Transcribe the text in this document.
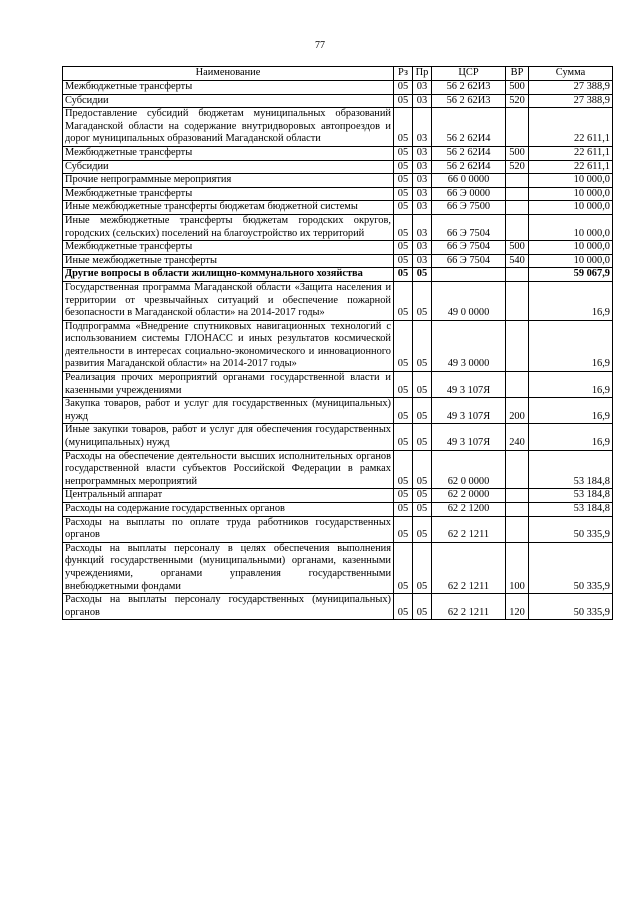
77
Наименование	Рз	Пр	ЦСР	ВР	Сумма
Межбюджетные трансферты	05	03	56 2 62И3	500	27 388,9
Субсидии	05	03	56 2 62И3	520	27 388,9
Предоставление субсидий бюджетам муниципальных образований Магаданской области на содержание внутридворовых автопроездов и дорог муниципальных образований Магаданской области	05	03	56 2 62И4		22 611,1
Межбюджетные трансферты	05	03	56 2 62И4	500	22 611,1
Субсидии	05	03	56 2 62И4	520	22 611,1
Прочие непрограммные мероприятия	05	03	66 0 0000		10 000,0
Межбюджетные трансферты	05	03	66 Э 0000		10 000,0
Иные межбюджетные трансферты бюджетам бюджетной системы	05	03	66 Э 7500		10 000,0
Иные межбюджетные трансферты бюджетам городских округов, городских (сельских) поселений на благоустройство их территорий	05	03	66 Э 7504		10 000,0
Межбюджетные трансферты	05	03	66 Э 7504	500	10 000,0
Иные межбюджетные трансферты	05	03	66 Э 7504	540	10 000,0
Другие вопросы в области жилищно-коммунального хозяйства	05	05			59 067,9
Государственная программа Магаданской области «Защита населения и территории от чрезвычайных ситуаций и обеспечение пожарной безопасности в Магаданской области» на 2014-2017 годы»	05	05	49 0 0000		16,9
Подпрограмма «Внедрение спутниковых навигационных технологий с использованием системы ГЛОНАСС и иных результатов космической деятельности в интересах социально-экономического и инновационного развития Магаданской области» на 2014-2017 годы»	05	05	49 3 0000		16,9
Реализация прочих мероприятий органами государственной власти и казенными учреждениями	05	05	49 3 107Я		16,9
Закупка товаров, работ и услуг для государственных (муниципальных) нужд	05	05	49 3 107Я	200	16,9
Иные закупки товаров, работ и услуг для обеспечения государственных (муниципальных) нужд	05	05	49 3 107Я	240	16,9
Расходы на обеспечение деятельности высших исполнительных органов государственной власти субъектов Российской Федерации в рамках непрограммных мероприятий	05	05	62 0 0000		53 184,8
Центральный аппарат	05	05	62 2 0000		53 184,8
Расходы на содержание государственных органов	05	05	62 2 1200		53 184,8
Расходы на выплаты по оплате труда работников государственных органов	05	05	62 2 1211		50 335,9
Расходы на выплаты персоналу в целях обеспечения выполнения функций государственными (муниципальными) органами, казенными учреждениями, органами управления государственными внебюджетными фондами	05	05	62 2 1211	100	50 335,9
Расходы на выплаты персоналу государственных (муниципальных) органов	05	05	62 2 1211	120	50 335,9
